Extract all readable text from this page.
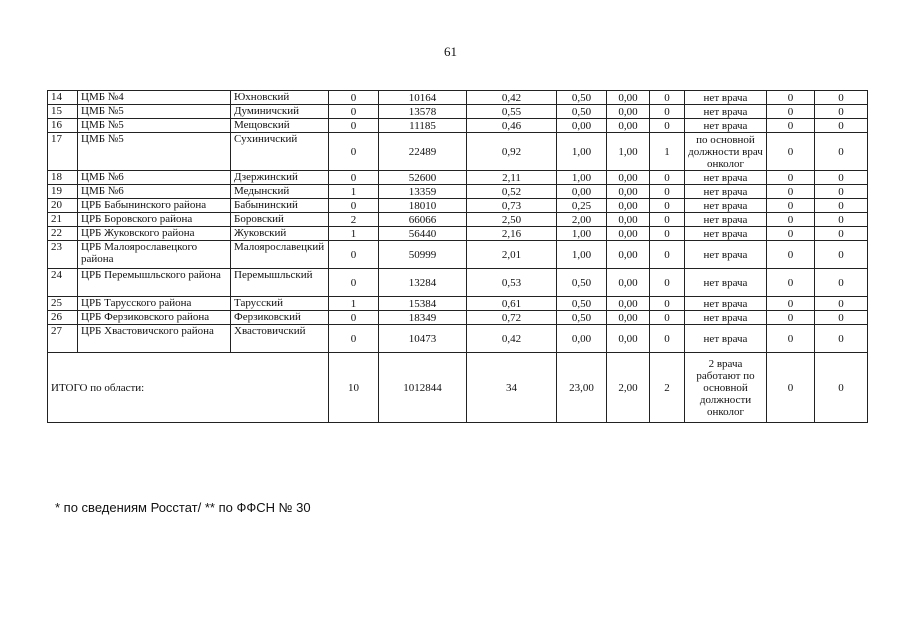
61
14	ЦМБ №4	Юхновский	0	10164	0,42	0,50	0,00	0	нет врача	0	0
15	ЦМБ №5	Думиничский	0	13578	0,55	0,50	0,00	0	нет врача	0	0
16	ЦМБ №5	Мещовский	0	11185	0,46	0,00	0,00	0	нет врача	0	0
17	ЦМБ №5	Сухиничский	0	22489	0,92	1,00	1,00	1	по основной должности врач онколог	0	0
18	ЦМБ №6	Дзержинский	0	52600	2,11	1,00	0,00	0	нет врача	0	0
19	ЦМБ №6	Медынский	1	13359	0,52	0,00	0,00	0	нет врача	0	0
20	ЦРБ Бабынинского района	Бабынинский	0	18010	0,73	0,25	0,00	0	нет врача	0	0
21	ЦРБ Боровского района	Боровский	2	66066	2,50	2,00	0,00	0	нет врача	0	0
22	ЦРБ Жуковского района	Жуковский	1	56440	2,16	1,00	0,00	0	нет врача	0	0
23	ЦРБ Малоярославецкого района	Малоярославецкий	0	50999	2,01	1,00	0,00	0	нет врача	0	0
24	ЦРБ Перемышльского района	Перемышльский	0	13284	0,53	0,50	0,00	0	нет врача	0	0
25	ЦРБ Тарусского района	Тарусский	1	15384	0,61	0,50	0,00	0	нет врача	0	0
26	ЦРБ Ферзиковского района	Ферзиковский	0	18349	0,72	0,50	0,00	0	нет врача	0	0
27	ЦРБ Хвастовичского района	Хвастовичский	0	10473	0,42	0,00	0,00	0	нет врача	0	0
ИТОГО по области:			10	1012844	34	23,00	2,00	2	2 врача работают по основной должности онколог	0	0
* по сведениям Росстат/ ** по ФФСН № 30
